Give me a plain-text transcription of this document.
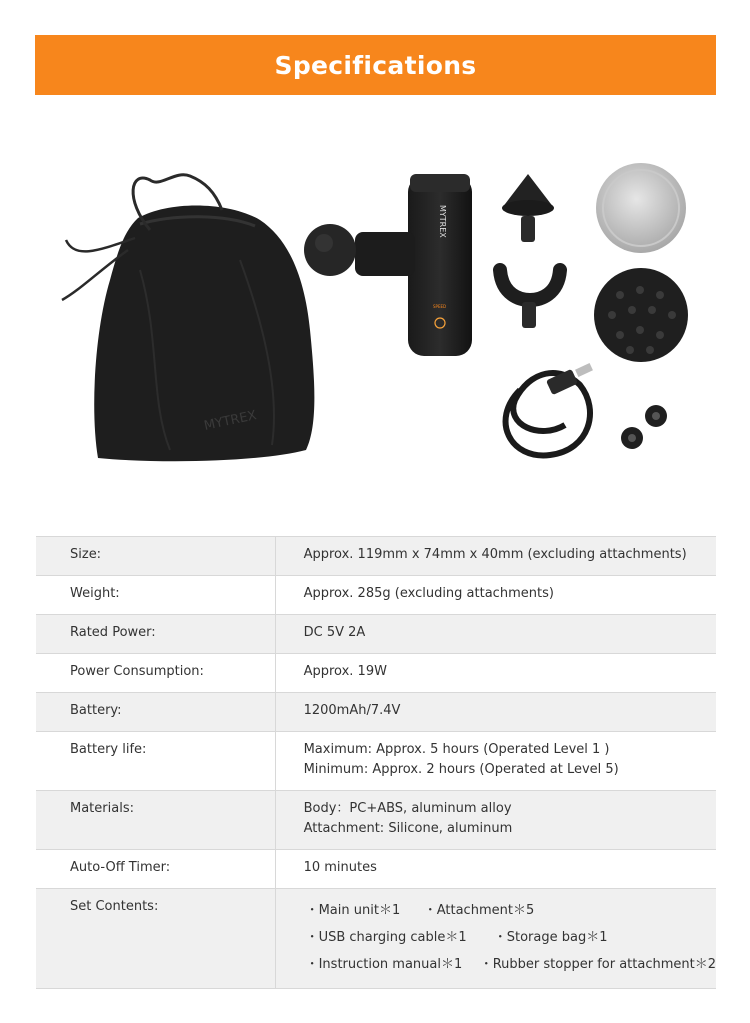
Specifications
MYTREX
MYTREX
SPEED
Size:	Approx. 119mm x 74mm x 40mm (excluding attachments)

Weight:	Approx. 285g (excluding attachments)

Rated Power:	DC 5V 2A

Power Consumption:	Approx. 19W

Battery:	1200mAh/7.4V

Battery life:	Maximum: Approx. 5 hours (Operated Level 1 )
Minimum: Approx. 2 hours (Operated at Level 5)

Materials:	Body：PC+ABS, aluminum alloy
Attachment: Silicone, aluminum

Auto-Off Timer:	10 minutes

Set Contents:	・Main unit＊1 ・Attachment＊5
・USB charging cable＊1 ・Storage bag＊1
・Instruction manual＊1 ・Rubber stopper for attachment＊2
